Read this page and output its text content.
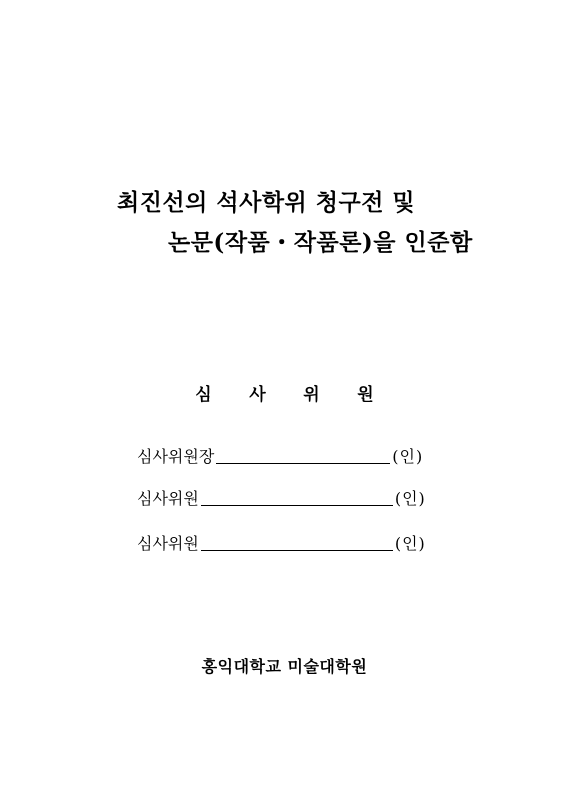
최진선의 석사학위 청구전 및
논문(작품・작품론)을 인준함
심 사 위 원
심사위원장	(인)
심사위원	(인)
심사위원	(인)
홍익대학교 미술대학원
